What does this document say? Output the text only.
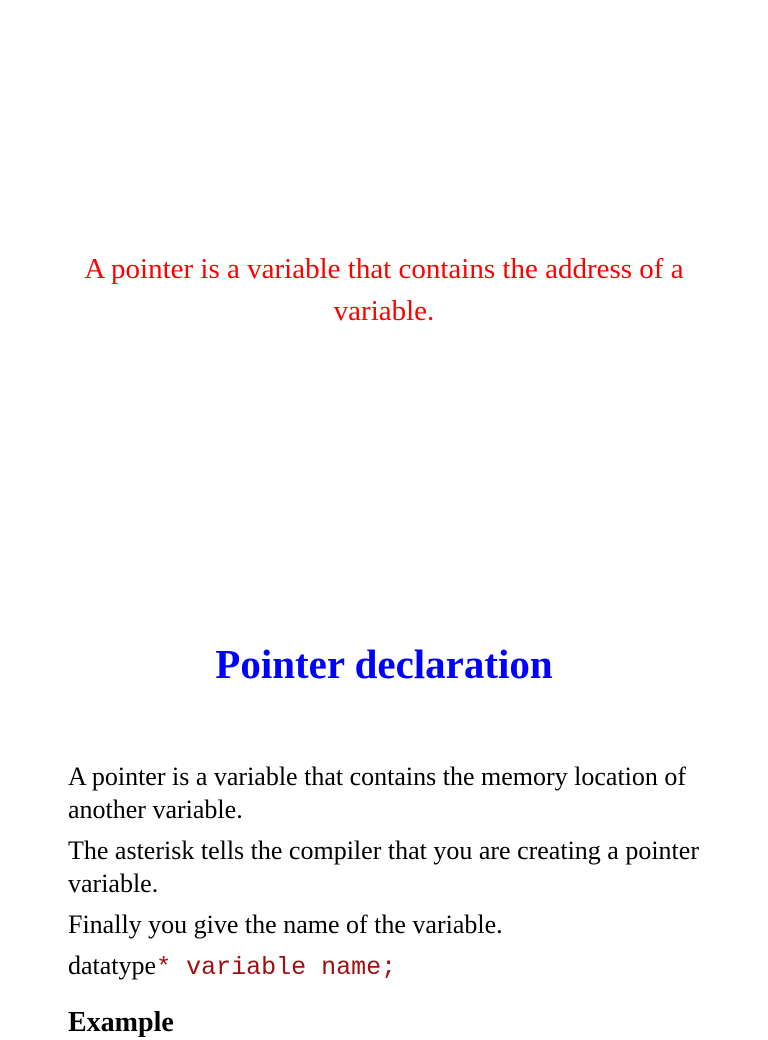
A pointer is a variable that contains the address of a variable.

Pointer declaration

A pointer is a variable that contains the memory location of another variable.

The asterisk tells the compiler that you are creating a pointer variable.

Finally you give the name of the variable.

datatype* variable name;
Example
